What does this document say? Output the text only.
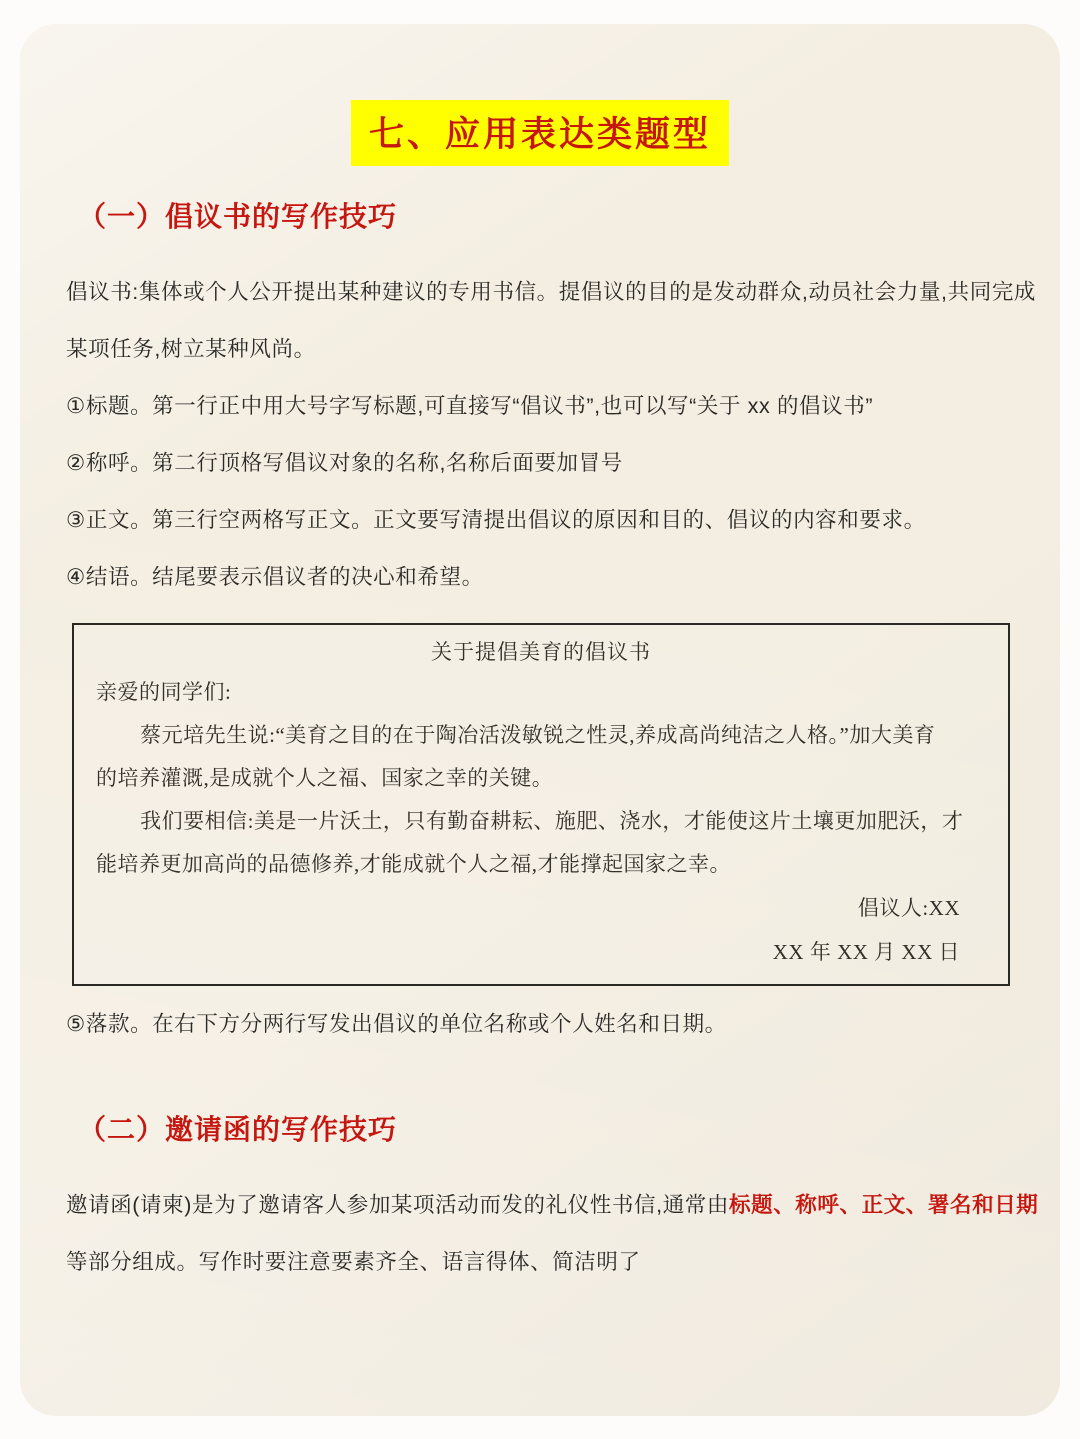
七、应用表达类题型
（一）倡议书的写作技巧
倡议书:集体或个人公开提出某种建议的专用书信。提倡议的目的是发动群众,动员社会力量,共同完成
某项任务,树立某种风尚。
①标题。第一行正中用大号字写标题,可直接写“倡议书”,也可以写“关于 xx 的倡议书”
②称呼。第二行顶格写倡议对象的名称,名称后面要加冒号
③正文。第三行空两格写正文。正文要写清提出倡议的原因和目的、倡议的内容和要求。
④结语。结尾要表示倡议者的决心和希望。
关于提倡美育的倡议书
亲爱的同学们:
蔡元培先生说:“美育之目的在于陶冶活泼敏锐之性灵,养成高尚纯洁之人格。”加大美育
的培养灌溉,是成就个人之福、国家之幸的关键。
我们要相信:美是一片沃土，只有勤奋耕耘、施肥、浇水，才能使这片土壤更加肥沃，才
能培养更加高尚的品德修养,才能成就个人之福,才能撑起国家之幸。
倡议人:XX
XX 年 XX 月 XX 日
⑤落款。在右下方分两行写发出倡议的单位名称或个人姓名和日期。
（二）邀请函的写作技巧
邀请函(请柬)是为了邀请客人参加某项活动而发的礼仪性书信,通常由标题、称呼、正文、署名和日期
等部分组成。写作时要注意要素齐全、语言得体、简洁明了
